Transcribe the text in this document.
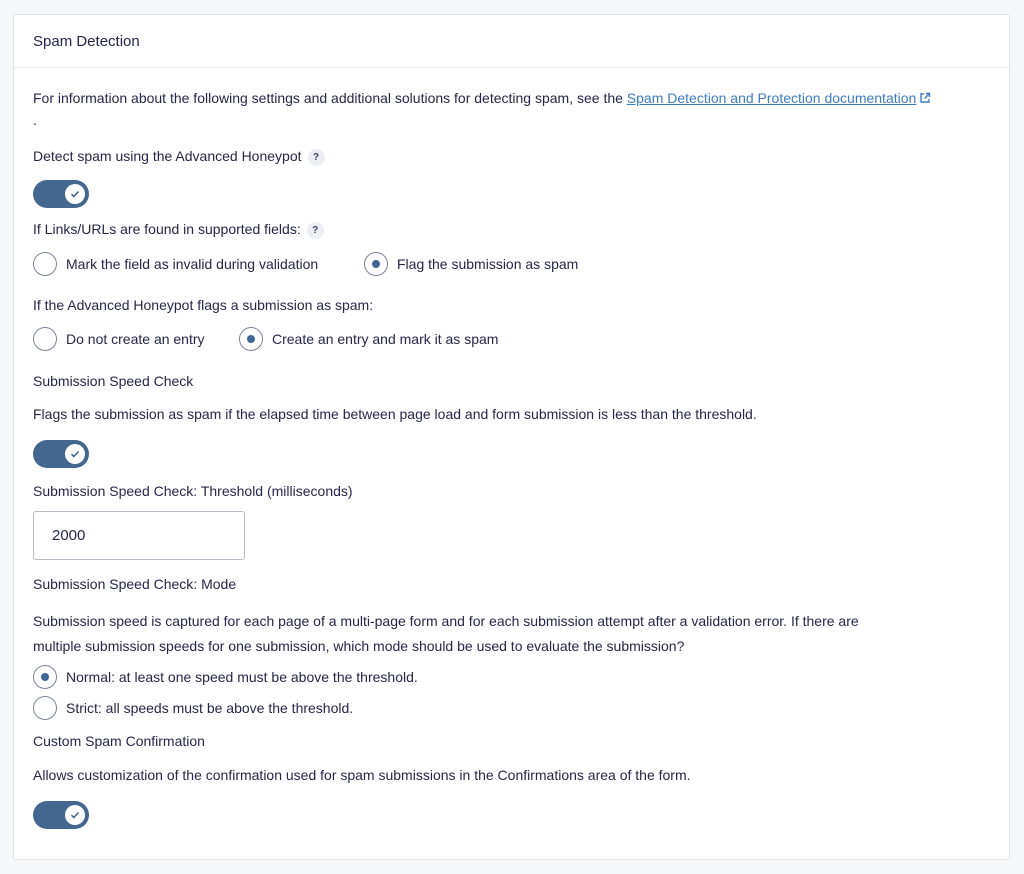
Spam Detection
For information about the following settings and additional solutions for detecting spam, see the Spam Detection and Protection documentation.
Detect spam using the Advanced Honeypot ?
If Links/URLs are found in supported fields: ?
Mark the field as invalid during validation	Flag the submission as spam
If the Advanced Honeypot flags a submission as spam:
Do not create an entry	Create an entry and mark it as spam
Submission Speed Check
Flags the submission as spam if the elapsed time between page load and form submission is less than the threshold.
Submission Speed Check: Threshold (milliseconds)
2000
Submission Speed Check: Mode
Submission speed is captured for each page of a multi-page form and for each submission attempt after a validation error. If there are
multiple submission speeds for one submission, which mode should be used to evaluate the submission?
Normal: at least one speed must be above the threshold.
Strict: all speeds must be above the threshold.
Custom Spam Confirmation
Allows customization of the confirmation used for spam submissions in the Confirmations area of the form.
